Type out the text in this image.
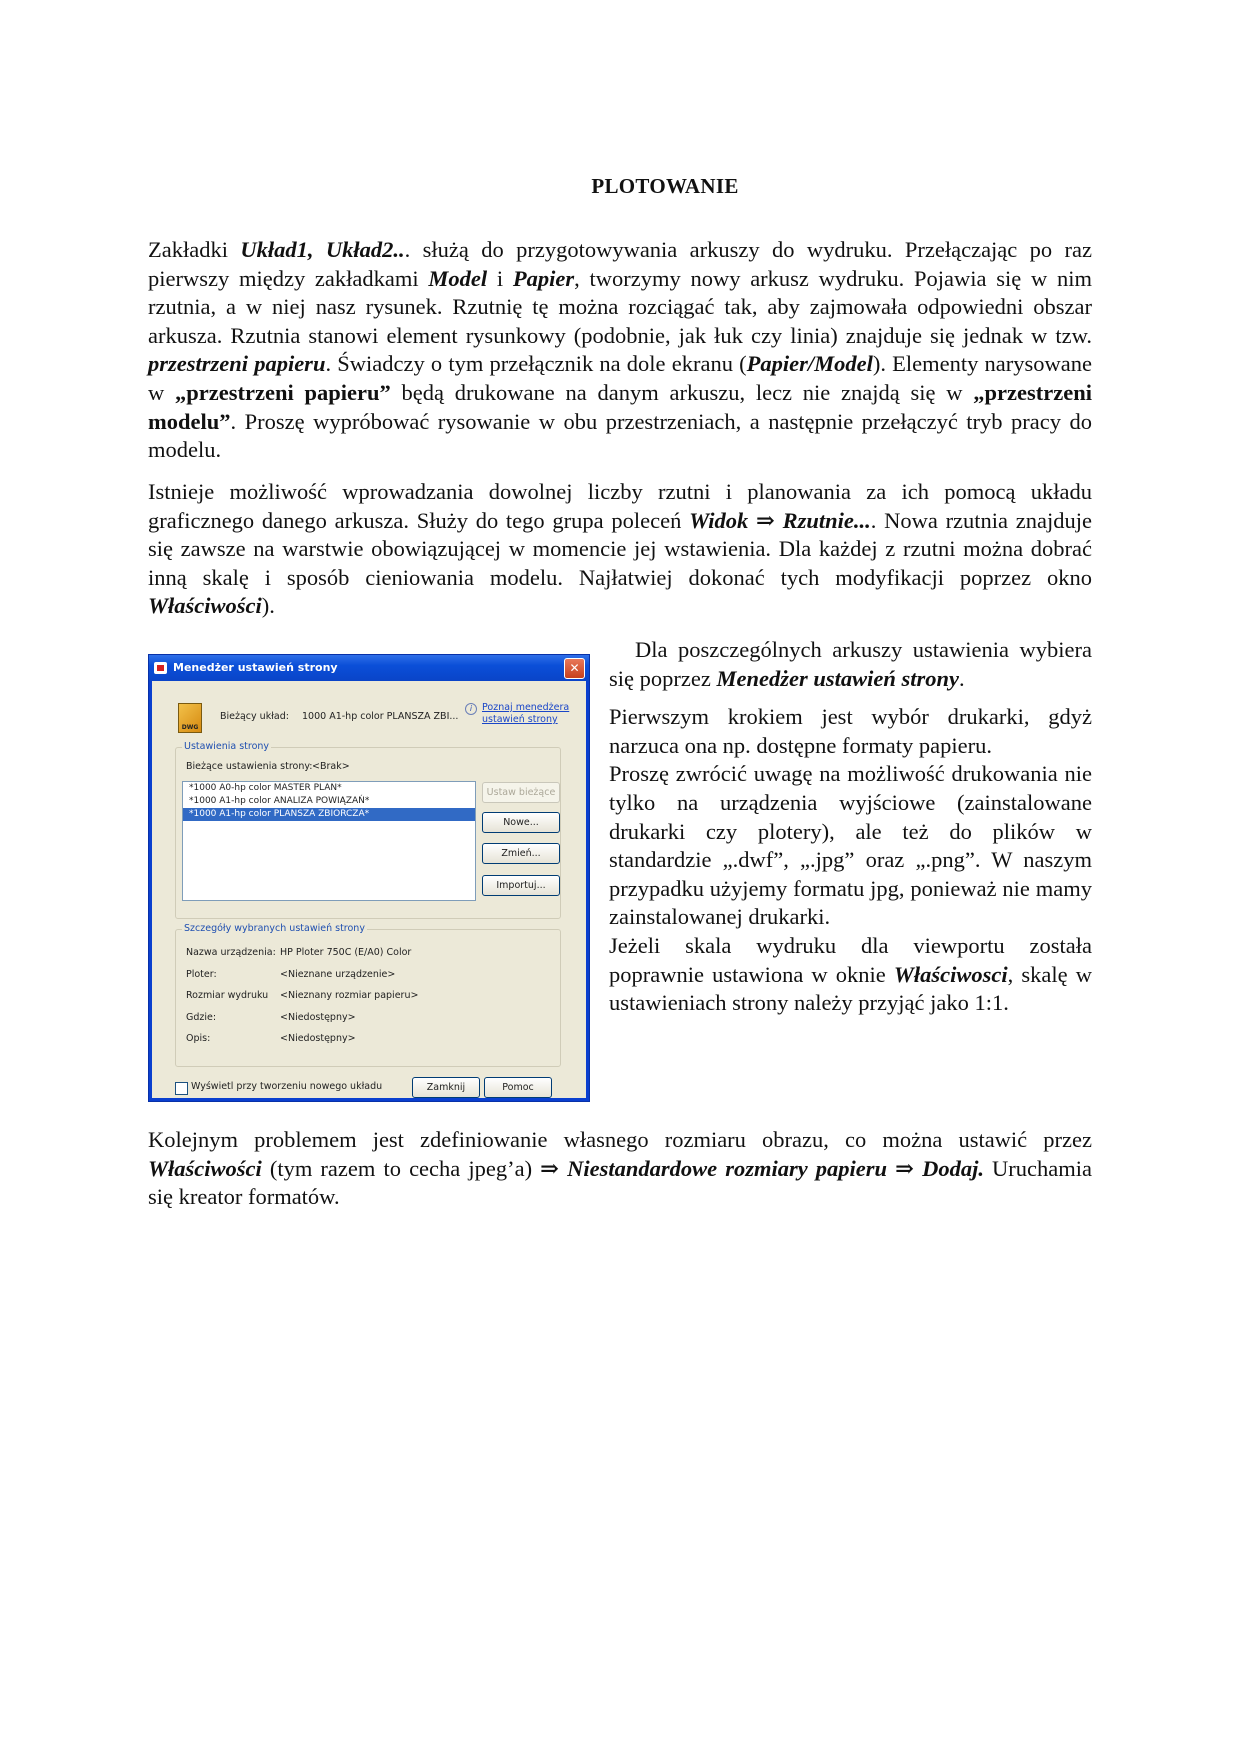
PLOTOWANIE

Zakładki Układ1, Układ2... służą do przygotowywania arkuszy do wydruku. Przełączając po raz pierwszy między zakładkami Model i Papier, tworzymy nowy arkusz wydruku. Pojawia się w nim rzutnia, a w niej nasz rysunek. Rzutnię tę można rozciągać tak, aby zajmowała odpowiedni obszar arkusza. Rzutnia stanowi element rysunkowy (podobnie, jak łuk czy linia) znajduje się jednak w tzw. przestrzeni papieru. Świadczy o tym przełącznik na dole ekranu (Papier/Model). Elementy narysowane w „przestrzeni papieru” będą drukowane na danym arkuszu, lecz nie znajdą się w „przestrzeni modelu”. Proszę wypróbować rysowanie w obu przestrzeniach, a następnie przełączyć tryb pracy do modelu.

Istnieje możliwość wprowadzania dowolnej liczby rzutni i planowania za ich pomocą układu graficznego danego arkusza. Służy do tego grupa poleceń Widok ⇒ Rzutnie.... Nowa rzutnia znajduje się zawsze na warstwie obowiązującej w momencie jej wstawienia. Dla każdej z rzutni można dobrać inną skalę i sposób cieniowania modelu. Najłatwiej dokonać tych modyfikacji poprzez okno Właściwości).

Menedżer ustawień strony	✕
DWG
Bieżący układ: 1000 A1-hp color PLANSZA ZBI...
i	Poznaj menedżera
ustawień strony
Ustawienia strony
Bieżące ustawienia strony: <Brak>
*1000 A0-hp color MASTER PLAN*
*1000 A1-hp color ANALIZA POWIĄZAŃ*
*1000 A1-hp color PLANSZA ZBIORCZA*
Ustaw bieżące
Nowe...
Zmień...
Importuj...
Szczegóły wybranych ustawień strony
Nazwa urządzenia: HP Ploter 750C (E/A0) Color
Ploter:	<Nieznane urządzenie>
Rozmiar wydruku <Nieznany rozmiar papieru>
Gdzie:	<Niedostępny>
Opis:	<Niedostępny>
Wyświetl przy tworzeniu nowego układu	Zamknij	Pomoc

Dla poszczególnych arkuszy ustawienia wybiera się poprzez Menedżer ustawień strony.

Pierwszym krokiem jest wybór drukarki, gdyż narzuca ona np. dostępne formaty papieru.

Proszę zwrócić uwagę na możliwość drukowania nie tylko na urządzenia wyjściowe (zainstalowane drukarki czy plotery), ale też do plików w standardzie „.dwf”, „.jpg” oraz „.png”. W naszym przypadku użyjemy formatu jpg, ponieważ nie mamy zainstalowanej drukarki.

Jeżeli skala wydruku dla viewportu została poprawnie ustawiona w oknie Właściwosci, skalę w ustawieniach strony należy przyjąć jako 1:1.

Kolejnym problemem jest zdefiniowanie własnego rozmiaru obrazu, co można ustawić przez Właściwości (tym razem to cecha jpeg’a) ⇒ Niestandardowe rozmiary papieru ⇒ Dodaj. Uruchamia się kreator formatów.
